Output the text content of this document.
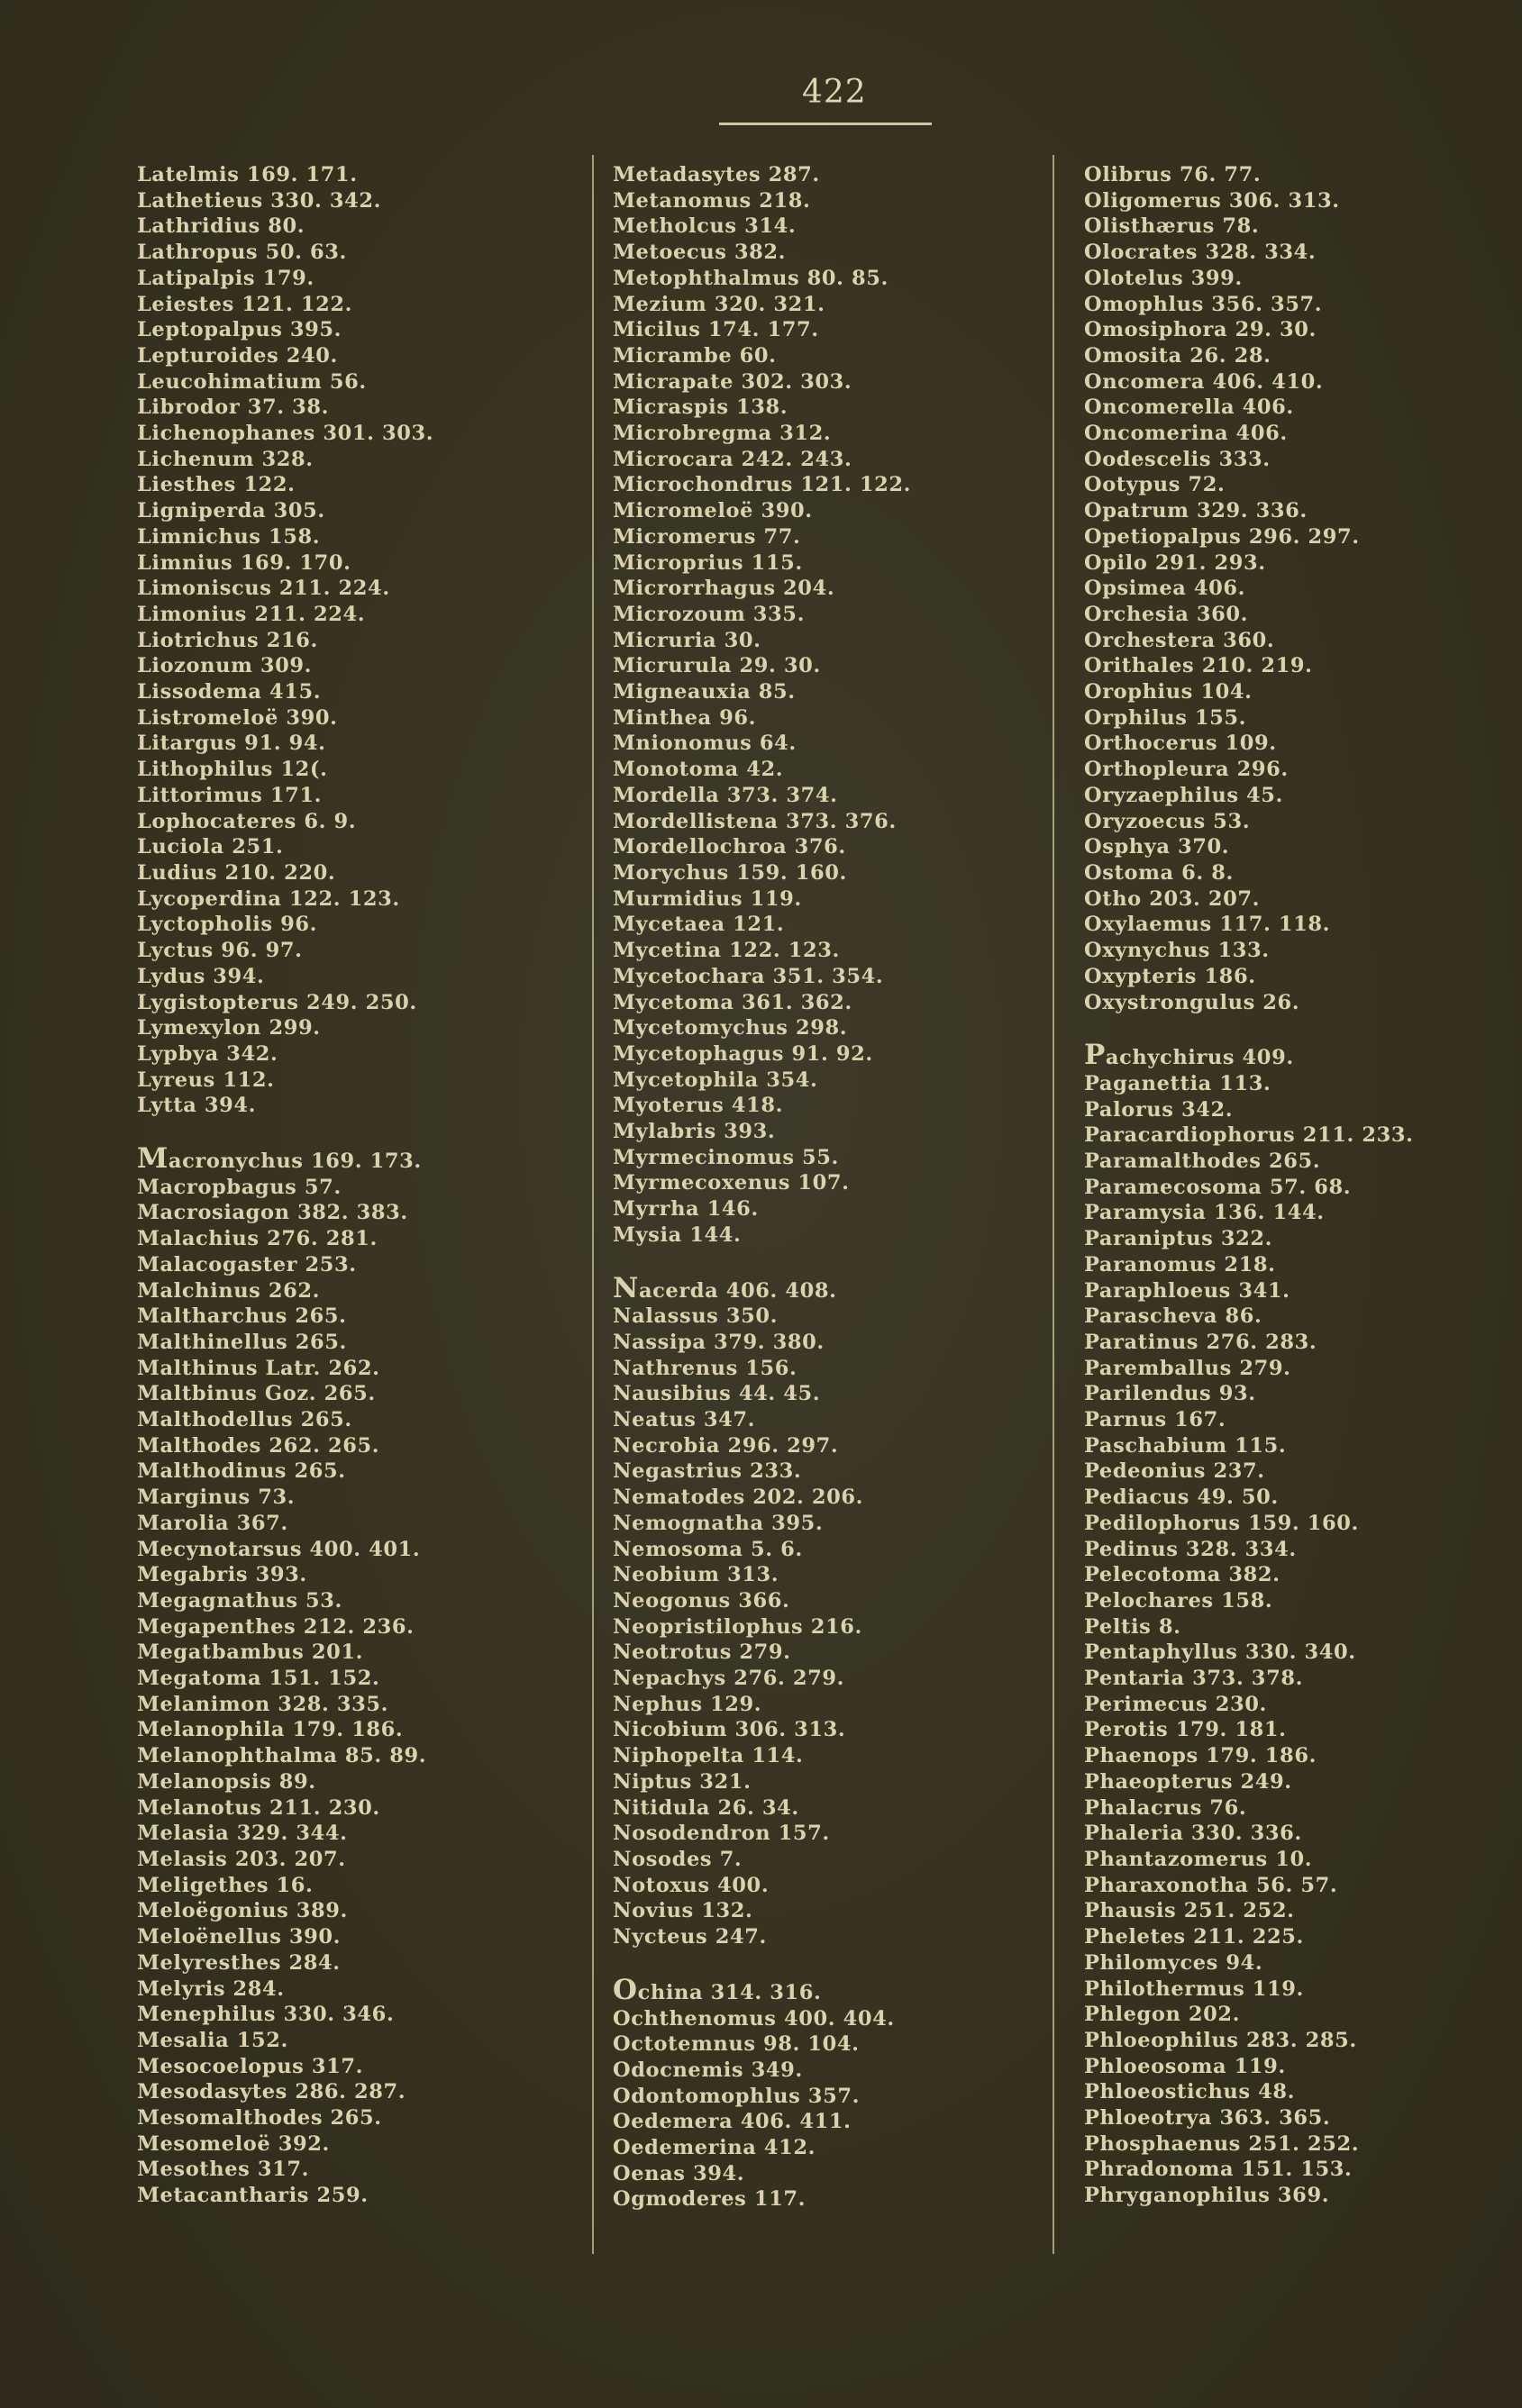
422
Latelmis 169. 171.
Lathetieus 330. 342.
Lathridius 80.
Lathropus 50. 63.
Latipalpis 179.
Leiestes 121. 122.
Leptopalpus 395.
Lepturoides 240.
Leucohimatium 56.
Librodor 37. 38.
Lichenophanes 301. 303.
Lichenum 328.
Liesthes 122.
Ligniperda 305.
Limnichus 158.
Limnius 169. 170.
Limoniscus 211. 224.
Limonius 211. 224.
Liotrichus 216.
Liozonum 309.
Lissodema 415.
Listromeloë 390.
Litargus 91. 94.
Lithophilus 12(.
Littorimus 171.
Lophocateres 6. 9.
Luciola 251.
Ludius 210. 220.
Lycoperdina 122. 123.
Lyctopholis 96.
Lyctus 96. 97.
Lydus 394.
Lygistopterus 249. 250.
Lymexylon 299.
Lypbya 342.
Lyreus 112.
Lytta 394.
Macronychus 169. 173.
Macropbagus 57.
Macrosiagon 382. 383.
Malachius 276. 281.
Malacogaster 253.
Malchinus 262.
Maltharchus 265.
Malthinellus 265.
Malthinus Latr. 262.
Maltbinus Goz. 265.
Malthodellus 265.
Malthodes 262. 265.
Malthodinus 265.
Marginus 73.
Marolia 367.
Mecynotarsus 400. 401.
Megabris 393.
Megagnathus 53.
Megapenthes 212. 236.
Megatbambus 201.
Megatoma 151. 152.
Melanimon 328. 335.
Melanophila 179. 186.
Melanophthalma 85. 89.
Melanopsis 89.
Melanotus 211. 230.
Melasia 329. 344.
Melasis 203. 207.
Meligethes 16.
Meloëgonius 389.
Meloënellus 390.
Melyresthes 284.
Melyris 284.
Menephilus 330. 346.
Mesalia 152.
Mesocoelopus 317.
Mesodasytes 286. 287.
Mesomalthodes 265.
Mesomeloë 392.
Mesothes 317.
Metacantharis 259.
Metadasytes 287.
Metanomus 218.
Metholcus 314.
Metoecus 382.
Metophthalmus 80. 85.
Mezium 320. 321.
Micilus 174. 177.
Micrambe 60.
Micrapate 302. 303.
Micraspis 138.
Microbregma 312.
Microcara 242. 243.
Microchondrus 121. 122.
Micromeloë 390.
Micromerus 77.
Microprius 115.
Microrrhagus 204.
Microzoum 335.
Micruria 30.
Micrurula 29. 30.
Migneauxia 85.
Minthea 96.
Mnionomus 64.
Monotoma 42.
Mordella 373. 374.
Mordellistena 373. 376.
Mordellochroa 376.
Morychus 159. 160.
Murmidius 119.
Mycetaea 121.
Mycetina 122. 123.
Mycetochara 351. 354.
Mycetoma 361. 362.
Mycetomychus 298.
Mycetophagus 91. 92.
Mycetophila 354.
Myoterus 418.
Mylabris 393.
Myrmecinomus 55.
Myrmecoxenus 107.
Myrrha 146.
Mysia 144.
Nacerda 406. 408.
Nalassus 350.
Nassipa 379. 380.
Nathrenus 156.
Nausibius 44. 45.
Neatus 347.
Necrobia 296. 297.
Negastrius 233.
Nematodes 202. 206.
Nemognatha 395.
Nemosoma 5. 6.
Neobium 313.
Neogonus 366.
Neopristilophus 216.
Neotrotus 279.
Nepachys 276. 279.
Nephus 129.
Nicobium 306. 313.
Niphopelta 114.
Niptus 321.
Nitidula 26. 34.
Nosodendron 157.
Nosodes 7.
Notoxus 400.
Novius 132.
Nycteus 247.
Ochina 314. 316.
Ochthenomus 400. 404.
Octotemnus 98. 104.
Odocnemis 349.
Odontomophlus 357.
Oedemera 406. 411.
Oedemerina 412.
Oenas 394.
Ogmoderes 117.
Olibrus 76. 77.
Oligomerus 306. 313.
Olisthærus 78.
Olocrates 328. 334.
Olotelus 399.
Omophlus 356. 357.
Omosiphora 29. 30.
Omosita 26. 28.
Oncomera 406. 410.
Oncomerella 406.
Oncomerina 406.
Oodescelis 333.
Ootypus 72.
Opatrum 329. 336.
Opetiopalpus 296. 297.
Opilo 291. 293.
Opsimea 406.
Orchesia 360.
Orchestera 360.
Orithales 210. 219.
Orophius 104.
Orphilus 155.
Orthocerus 109.
Orthopleura 296.
Oryzaephilus 45.
Oryzoecus 53.
Osphya 370.
Ostoma 6. 8.
Otho 203. 207.
Oxylaemus 117. 118.
Oxynychus 133.
Oxypteris 186.
Oxystrongulus 26.
Pachychirus 409.
Paganettia 113.
Palorus 342.
Paracardiophorus 211. 233.
Paramalthodes 265.
Paramecosoma 57. 68.
Paramysia 136. 144.
Paraniptus 322.
Paranomus 218.
Paraphloeus 341.
Parascheva 86.
Paratinus 276. 283.
Paremballus 279.
Parilendus 93.
Parnus 167.
Paschabium 115.
Pedeonius 237.
Pediacus 49. 50.
Pedilophorus 159. 160.
Pedinus 328. 334.
Pelecotoma 382.
Pelochares 158.
Peltis 8.
Pentaphyllus 330. 340.
Pentaria 373. 378.
Perimecus 230.
Perotis 179. 181.
Phaenops 179. 186.
Phaeopterus 249.
Phalacrus 76.
Phaleria 330. 336.
Phantazomerus 10.
Pharaxonotha 56. 57.
Phausis 251. 252.
Pheletes 211. 225.
Philomyces 94.
Philothermus 119.
Phlegon 202.
Phloeophilus 283. 285.
Phloeosoma 119.
Phloeostichus 48.
Phloeotrya 363. 365.
Phosphaenus 251. 252.
Phradonoma 151. 153.
Phryganophilus 369.
